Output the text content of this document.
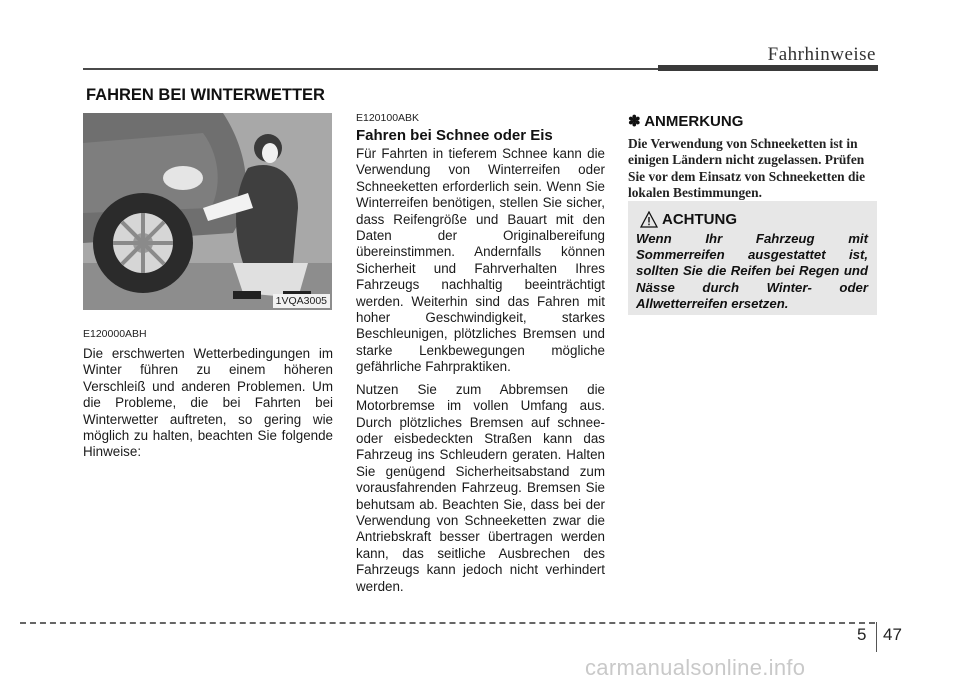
Fahrhinweise
FAHREN BEI WINTERWETTER
1VQA3005
E120000ABH
Die erschwerten Wetterbedingungen im Winter führen zu einem höheren Verschleiß und anderen Problemen. Um die Probleme, die bei Fahrten bei Winterwetter auftreten, so gering wie möglich zu halten, beachten Sie folgende Hinweise:
E120100ABK
Fahren bei Schnee oder Eis

Für Fahrten in tieferem Schnee kann die Verwendung von Winterreifen oder Schneeketten erforderlich sein. Wenn Sie Winterreifen benötigen, stellen Sie sicher, dass Reifengröße und Bauart mit den Daten der Originalbereifung übereinstimmen. Andernfalls können Sicherheit und Fahrverhalten Ihres Fahrzeugs nachhaltig beeinträchtigt werden. Weiterhin sind das Fahren mit hoher Geschwindigkeit, starkes Beschleunigen, plötzliches Bremsen und starke Lenkbewegungen mögliche gefährliche Fahrpraktiken.

Nutzen Sie zum Abbremsen die Motorbremse im vollen Umfang aus. Durch plötzliches Bremsen auf schnee- oder eisbedeckten Straßen kann das Fahrzeug ins Schleudern geraten. Halten Sie genügend Sicherheitsabstand zum vorausfahrenden Fahrzeug. Bremsen Sie behutsam ab. Beachten Sie, dass bei der Verwendung von Schneeketten zwar die Antriebskraft besser übertragen werden kann, das seitliche Ausbrechen des Fahrzeugs kann jedoch nicht verhindert werden.

✽ ANMERKUNG
Die Verwendung von Schneeketten ist in einigen Ländern nicht zugelassen. Prüfen Sie vor dem Einsatz von Schneeketten die lokalen Bestimmungen.
ACHTUNG
Wenn Ihr Fahrzeug mit Sommerreifen ausgestattet ist, sollten Sie die Reifen bei Regen und Nässe durch Winter- oder Allwetterreifen ersetzen.
5 47
carmanualsonline.info
